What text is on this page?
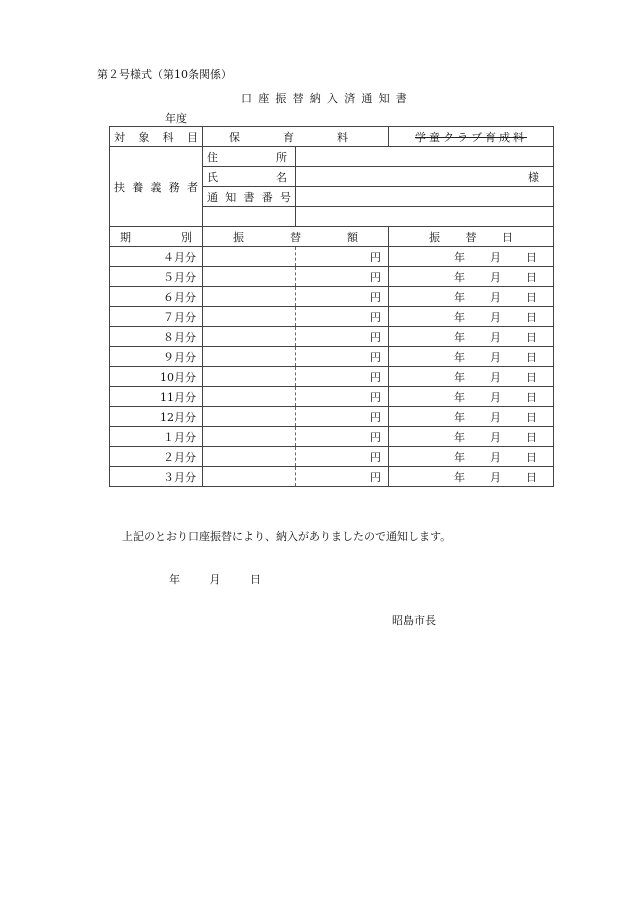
第２号様式（第10条関係）
口座振替納入済通知書
年度
対 象 科 目	保 育 料		学童クラブ育成料

扶 養 義 務 者	住 所		

	氏 名	様	

	通 知 書 番 号		

期 別	振 替 額		振 替 日

４月分		円	年 月 日

５月分		円	年 月 日

６月分		円	年 月 日

７月分		円	年 月 日

８月分		円	年 月 日

９月分		円	年 月 日

10月分		円	年 月 日

11月分		円	年 月 日

12月分		円	年 月 日

１月分		円	年 月 日

２月分		円	年 月 日

３月分		円	年 月 日
上記のとおり口座振替により、納入がありましたので通知します。
年	月	日
昭島市長
